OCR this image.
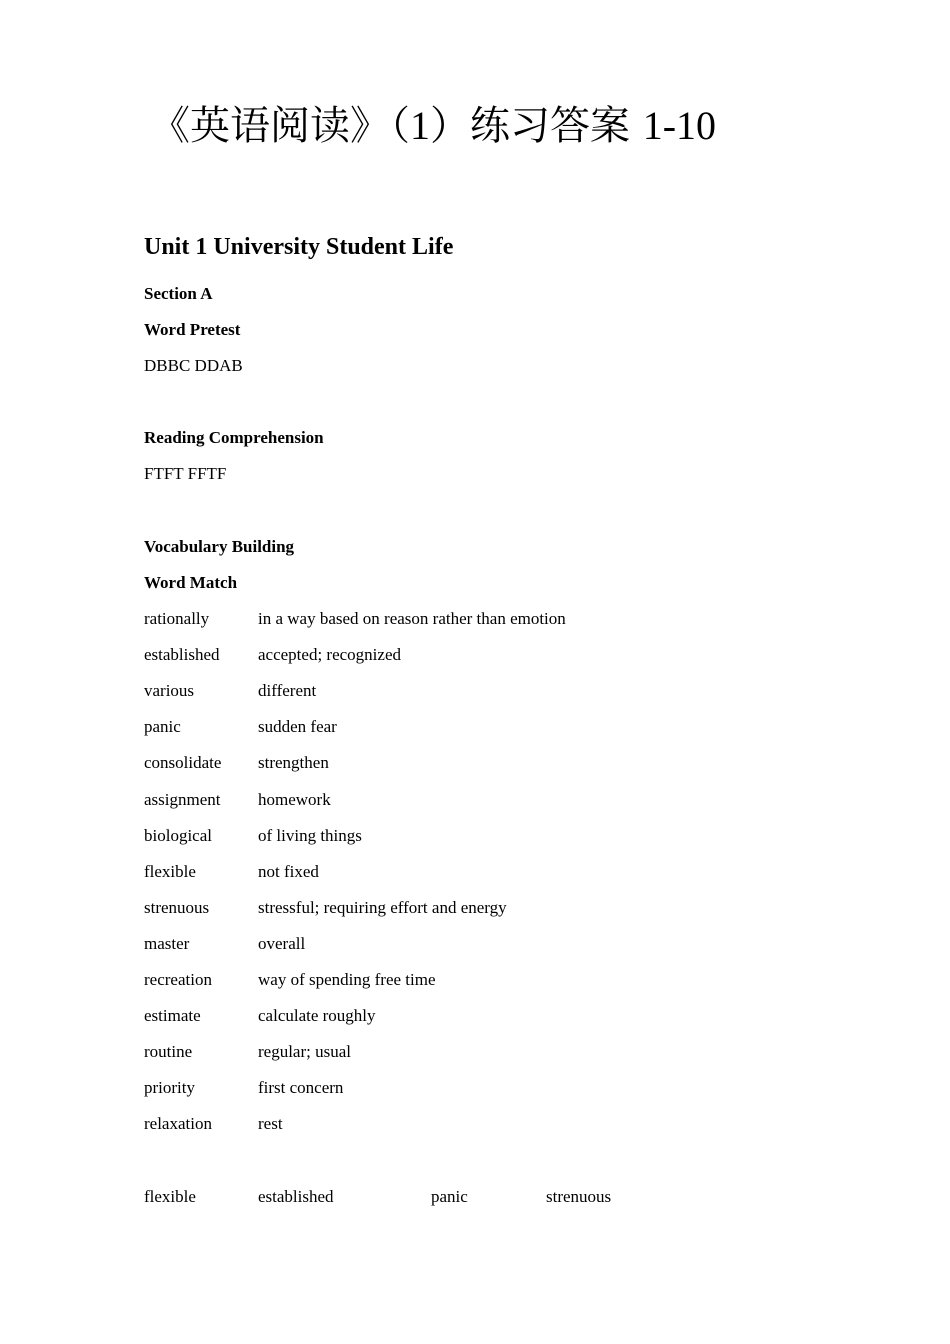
《英语阅读》（1）练习答案 1-10
Unit 1 University Student Life
Section A
Word Pretest
DBBC DDAB
Reading Comprehension
FTFT FFTF
Vocabulary Building
Word Match
rationally	in a way based on reason rather than emotion
established accepted; recognized
various	different
panic	sudden fear
consolidate strengthen
assignment homework
biological	of living things
flexible	not fixed
strenuous	stressful; requiring effort and energy
master	overall
recreation	way of spending free time
estimate	calculate roughly
routine	regular; usual
priority	first concern
relaxation	rest
flexible	established	panic	strenuous
